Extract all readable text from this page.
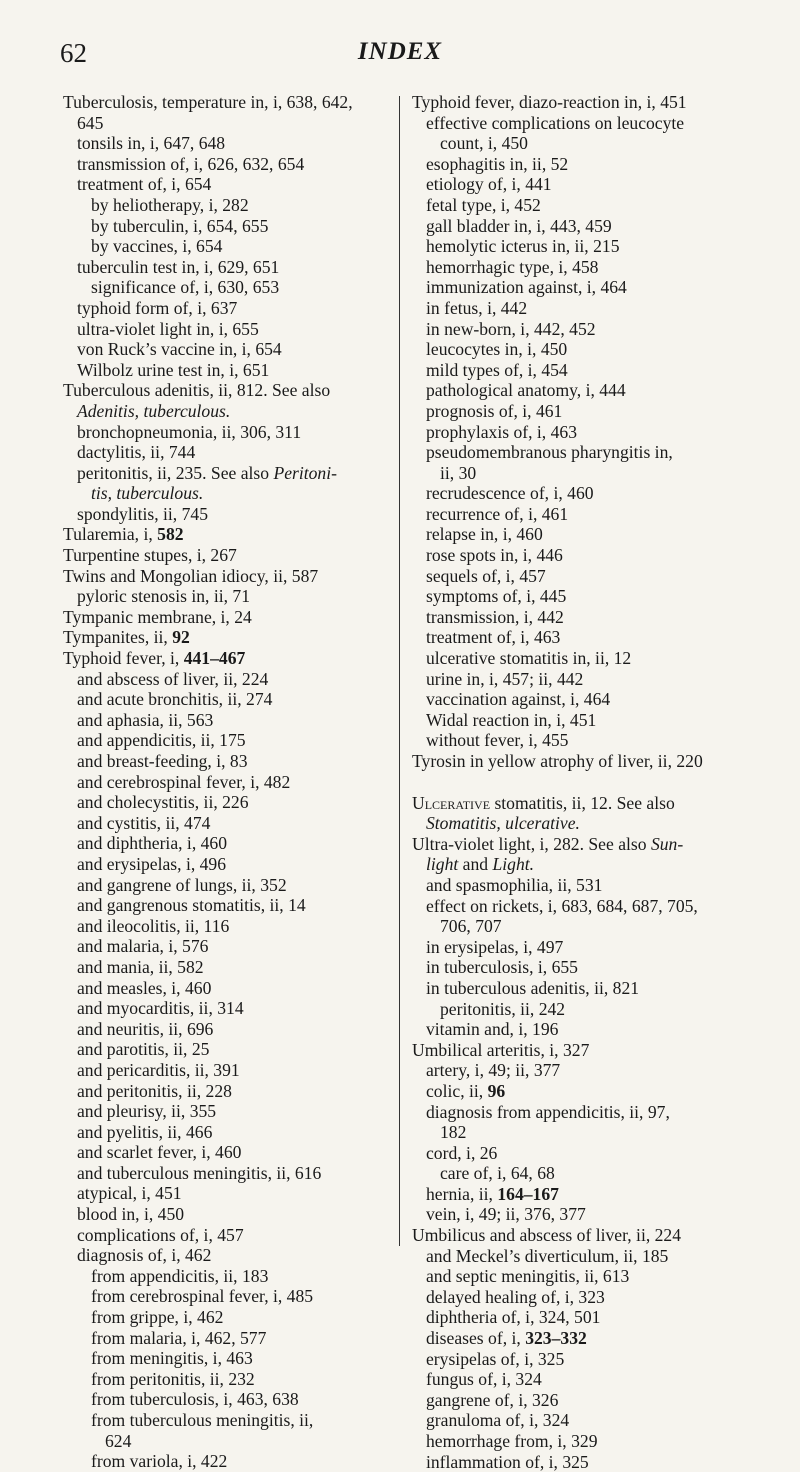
62	INDEX
Tuberculosis, temperature in, i, 638, 642,
645
tonsils in, i, 647, 648
transmission of, i, 626, 632, 654
treatment of, i, 654
by heliotherapy, i, 282
by tuberculin, i, 654, 655
by vaccines, i, 654
tuberculin test in, i, 629, 651
significance of, i, 630, 653
typhoid form of, i, 637
ultra-violet light in, i, 655
von Ruck’s vaccine in, i, 654
Wilbolz urine test in, i, 651
Tuberculous adenitis, ii, 812. See also
Adenitis, tuberculous.
bronchopneumonia, ii, 306, 311
dactylitis, ii, 744
peritonitis, ii, 235. See also Peritoni-
tis, tuberculous.
spondylitis, ii, 745
Tularemia, i, 582
Turpentine stupes, i, 267
Twins and Mongolian idiocy, ii, 587
pyloric stenosis in, ii, 71
Tympanic membrane, i, 24
Tympanites, ii, 92
Typhoid fever, i, 441–467
and abscess of liver, ii, 224
and acute bronchitis, ii, 274
and aphasia, ii, 563
and appendicitis, ii, 175
and breast-feeding, i, 83
and cerebrospinal fever, i, 482
and cholecystitis, ii, 226
and cystitis, ii, 474
and diphtheria, i, 460
and erysipelas, i, 496
and gangrene of lungs, ii, 352
and gangrenous stomatitis, ii, 14
and ileocolitis, ii, 116
and malaria, i, 576
and mania, ii, 582
and measles, i, 460
and myocarditis, ii, 314
and neuritis, ii, 696
and parotitis, ii, 25
and pericarditis, ii, 391
and peritonitis, ii, 228
and pleurisy, ii, 355
and pyelitis, ii, 466
and scarlet fever, i, 460
and tuberculous meningitis, ii, 616
atypical, i, 451
blood in, i, 450
complications of, i, 457
diagnosis of, i, 462
from appendicitis, ii, 183
from cerebrospinal fever, i, 485
from grippe, i, 462
from malaria, i, 462, 577
from meningitis, i, 463
from peritonitis, ii, 232
from tuberculosis, i, 463, 638
from tuberculous meningitis, ii,
624
from variola, i, 422
Typhoid fever, diazo-reaction in, i, 451
effective complications on leucocyte
count, i, 450
esophagitis in, ii, 52
etiology of, i, 441
fetal type, i, 452
gall bladder in, i, 443, 459
hemolytic icterus in, ii, 215
hemorrhagic type, i, 458
immunization against, i, 464
in fetus, i, 442
in new-born, i, 442, 452
leucocytes in, i, 450
mild types of, i, 454
pathological anatomy, i, 444
prognosis of, i, 461
prophylaxis of, i, 463
pseudomembranous pharyngitis in,
ii, 30
recrudescence of, i, 460
recurrence of, i, 461
relapse in, i, 460
rose spots in, i, 446
sequels of, i, 457
symptoms of, i, 445
transmission, i, 442
treatment of, i, 463
ulcerative stomatitis in, ii, 12
urine in, i, 457; ii, 442
vaccination against, i, 464
Widal reaction in, i, 451
without fever, i, 455
Tyrosin in yellow atrophy of liver, ii, 220
Ulcerative stomatitis, ii, 12. See also
Stomatitis, ulcerative.
Ultra-violet light, i, 282. See also Sun-
light and Light.
and spasmophilia, ii, 531
effect on rickets, i, 683, 684, 687, 705,
706, 707
in erysipelas, i, 497
in tuberculosis, i, 655
in tuberculous adenitis, ii, 821
peritonitis, ii, 242
vitamin and, i, 196
Umbilical arteritis, i, 327
artery, i, 49; ii, 377
colic, ii, 96
diagnosis from appendicitis, ii, 97,
182
cord, i, 26
care of, i, 64, 68
hernia, ii, 164–167
vein, i, 49; ii, 376, 377
Umbilicus and abscess of liver, ii, 224
and Meckel’s diverticulum, ii, 185
and septic meningitis, ii, 613
delayed healing of, i, 323
diphtheria of, i, 324, 501
diseases of, i, 323–332
erysipelas of, i, 325
fungus of, i, 324
gangrene of, i, 326
granuloma of, i, 324
hemorrhage from, i, 329
inflammation of, i, 325
